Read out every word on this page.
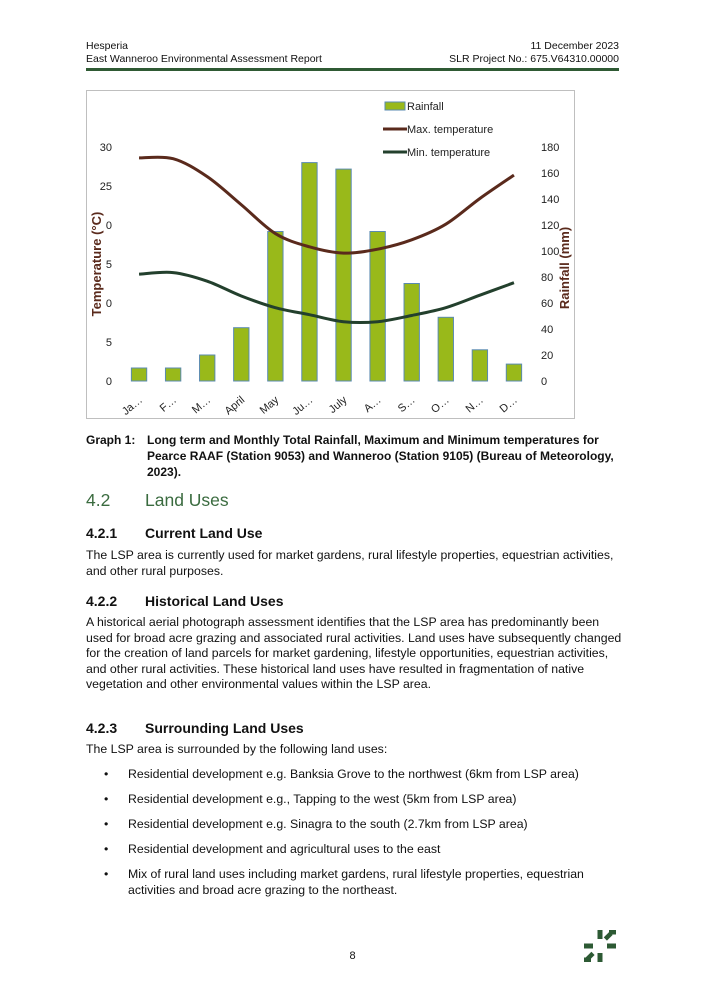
Hesperia
East Wanneroo Environmental Assessment Report
11 December 2023
SLR Project No.: 675.V64310.00000
0
5
0
5
0
25
30
0
20
40
60
80
100
120
140
160
180
Temperature (°C)	Rainfall (mm)
Ja… F… M… April May Ju… July A… S… O… N… D…
Rainfall
Max. temperature
Min. temperature
Graph 1: Long term and Monthly Total Rainfall, Maximum and Minimum temperatures for Pearce RAAF (Station 9053) and Wanneroo (Station 9105) (Bureau of Meteorology, 2023).
4.2 Land Uses
4.2.1 Current Land Use

The LSP area is currently used for market gardens, rural lifestyle properties, equestrian activities, and other rural purposes.

4.2.2 Historical Land Uses

A historical aerial photograph assessment identifies that the LSP area has predominantly been used for broad acre grazing and associated rural activities. Land uses have subsequently changed for the creation of land parcels for market gardening, lifestyle opportunities, equestrian activities, and other rural activities. These historical land uses have resulted in fragmentation of native vegetation and other environmental values within the LSP area.

4.2.3 Surrounding Land Uses

The LSP area is surrounded by the following land uses:

• Residential development e.g. Banksia Grove to the northwest (6km from LSP area)
• Residential development e.g., Tapping to the west (5km from LSP area)
• Residential development e.g. Sinagra to the south (2.7km from LSP area)
• Residential development and agricultural uses to the east
• Mix of rural land uses including market gardens, rural lifestyle properties, equestrian activities and broad acre grazing to the northeast.
8
